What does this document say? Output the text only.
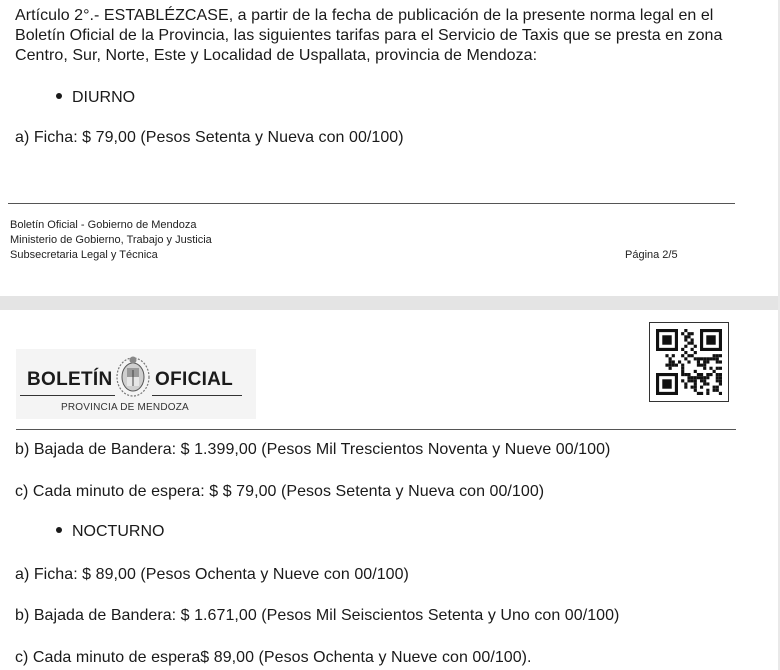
Artículo 2°.- ESTABLÉZCASE, a partir de la fecha de publicación de la presente norma legal en el Boletín Oficial de la Provincia, las siguientes tarifas para el Servicio de Taxis que se presta en zona Centro, Sur, Norte, Este y Localidad de Uspallata, provincia de Mendoza:
DIURNO
a) Ficha: $ 79,00 (Pesos Setenta y Nueva con 00/100)
Boletín Oficial - Gobierno de Mendoza
Ministerio de Gobierno, Trabajo y Justicia
Subsecretaria Legal y Técnica	Página 2/5
BOLETÍN OFICIAL
PROVINCIA DE MENDOZA
b) Bajada de Bandera: $ 1.399,00 (Pesos Mil Trescientos Noventa y Nueve 00/100)
c) Cada minuto de espera: $ $ 79,00 (Pesos Setenta y Nueva con 00/100)
NOCTURNO
a) Ficha: $ 89,00 (Pesos Ochenta y Nueve con 00/100)
b) Bajada de Bandera: $ 1.671,00 (Pesos Mil Seiscientos Setenta y Uno con 00/100)
c) Cada minuto de espera$ 89,00 (Pesos Ochenta y Nueve con 00/100).
